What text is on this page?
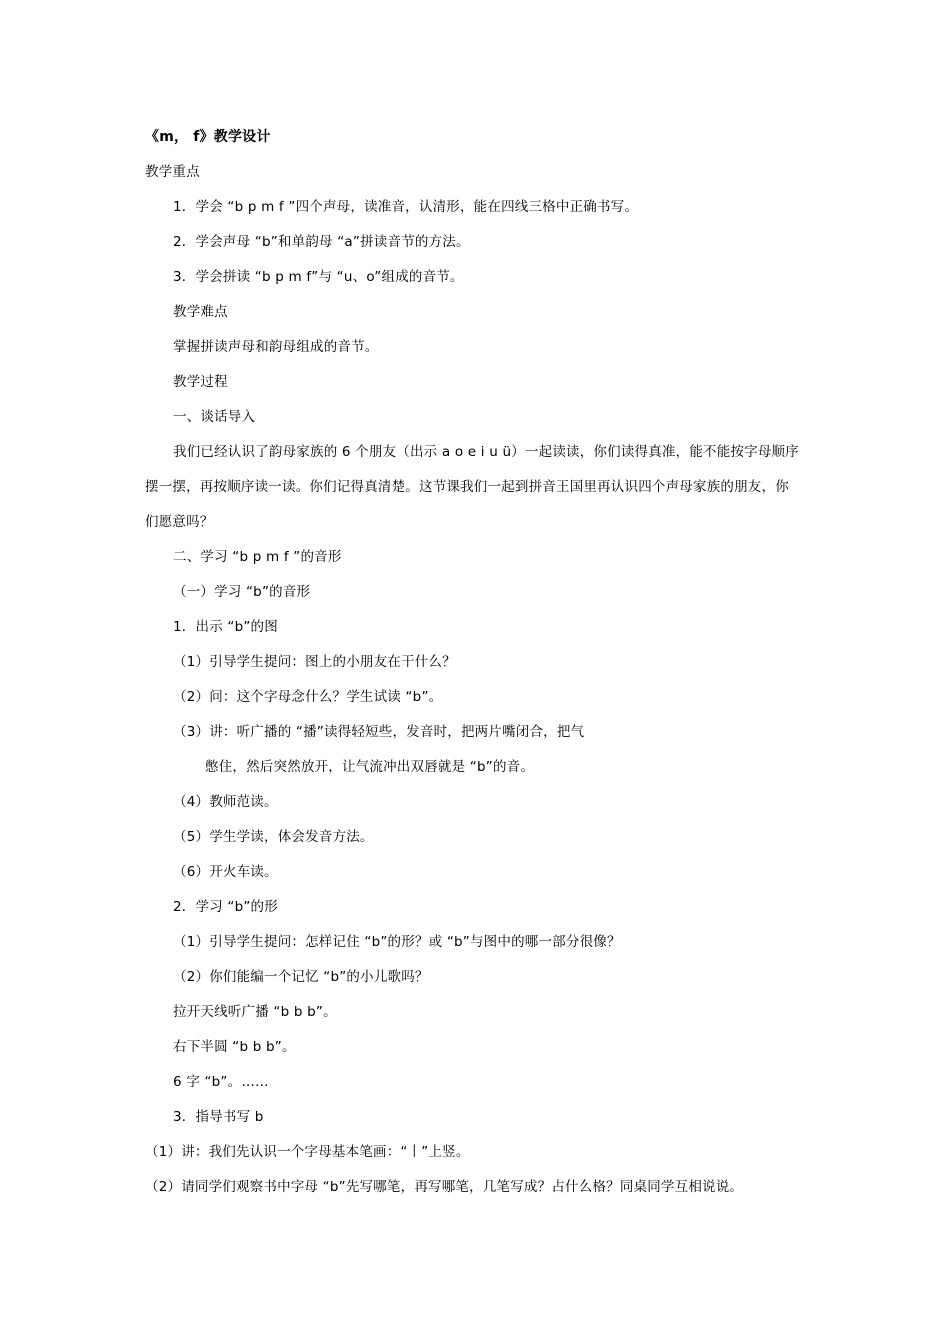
《m， f》教学设计
教学重点
1．学会 “b p m f ”四个声母，读准音，认清形，能在四线三格中正确书写。
2．学会声母 “b”和单韵母 “a”拼读音节的方法。
3．学会拼读 “b p m f”与 “u、o”组成的音节。
教学难点
掌握拼读声母和韵母组成的音节。
教学过程
一、谈话导入
我们已经认识了韵母家族的 6 个朋友（出示 a o e i u ü）一起读读，你们读得真准，能不能按字母顺序
摆一摆，再按顺序读一读。你们记得真清楚。这节课我们一起到拼音王国里再认识四个声母家族的朋友，你
们愿意吗？
二、学习 “b p m f ”的音形
（一）学习 “b”的音形
1．出示 “b”的图
（1）引导学生提问：图上的小朋友在干什么？
（2）问：这个字母念什么？学生试读 “b”。
（3）讲：听广播的 “播”读得轻短些，发音时，把两片嘴闭合，把气
憋住，然后突然放开，让气流冲出双唇就是 “b”的音。
（4）教师范读。
（5）学生学读，体会发音方法。
（6）开火车读。
2．学习 “b”的形
（1）引导学生提问：怎样记住 “b”的形？或 “b”与图中的哪一部分很像？
（2）你们能编一个记忆 “b”的小儿歌吗？
拉开天线听广播 “b b b”。
右下半圆 “b b b”。
6 字 “b”。……
3．指导书写 b
（1）讲：我们先认识一个字母基本笔画：“丨”上竖。
（2）请同学们观察书中字母 “b”先写哪笔，再写哪笔，几笔写成？占什么格？同桌同学互相说说。
